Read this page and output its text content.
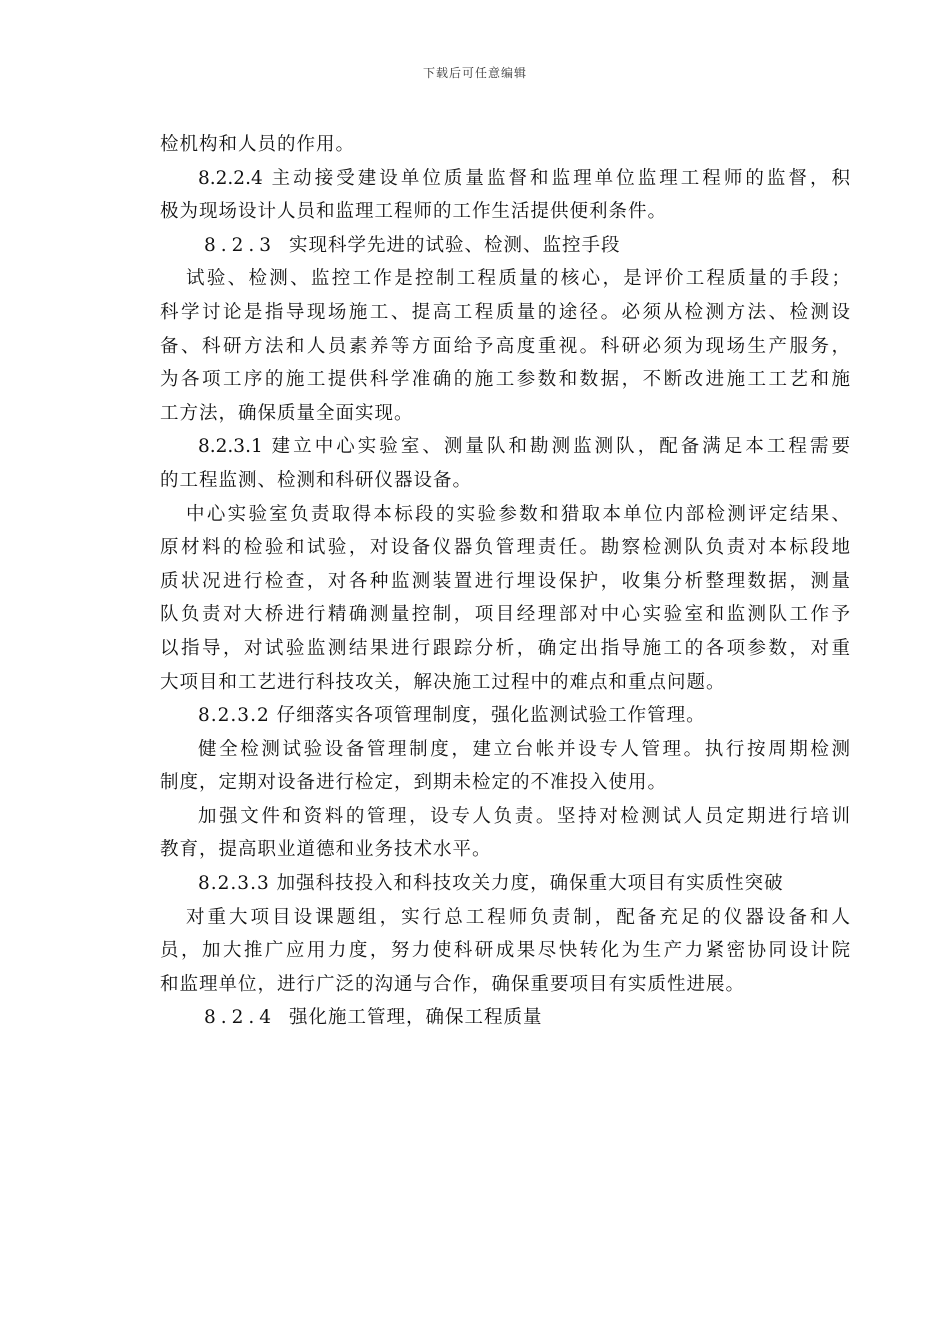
下载后可任意编辑
检机构和人员的作用。
8.2.2.4 主动接受建设单位质量监督和监理单位监理工程师的监督，积
极为现场设计人员和监理工程师的工作生活提供便利条件。
8.2.3 实现科学先进的试验、检测、监控手段
试验、检测、监控工作是控制工程质量的核心，是评价工程质量的手段；
科学讨论是指导现场施工、提高工程质量的途径。必须从检测方法、检测设
备、科研方法和人员素养等方面给予高度重视。科研必须为现场生产服务，
为各项工序的施工提供科学准确的施工参数和数据，不断改进施工工艺和施
工方法，确保质量全面实现。
8.2.3.1 建立中心实验室、测量队和勘测监测队，配备满足本工程需要
的工程监测、检测和科研仪器设备。
中心实验室负责取得本标段的实验参数和猎取本单位内部检测评定结果、
原材料的检验和试验，对设备仪器负管理责任。勘察检测队负责对本标段地
质状况进行检查，对各种监测装置进行埋设保护，收集分析整理数据，测量
队负责对大桥进行精确测量控制，项目经理部对中心实验室和监测队工作予
以指导，对试验监测结果进行跟踪分析，确定出指导施工的各项参数，对重
大项目和工艺进行科技攻关，解决施工过程中的难点和重点问题。
8.2.3.2 仔细落实各项管理制度，强化监测试验工作管理。
健全检测试验设备管理制度，建立台帐并设专人管理。执行按周期检测
制度，定期对设备进行检定，到期未检定的不准投入使用。
加强文件和资料的管理，设专人负责。坚持对检测试人员定期进行培训
教育，提高职业道德和业务技术水平。
8.2.3.3 加强科技投入和科技攻关力度，确保重大项目有实质性突破
对重大项目设课题组，实行总工程师负责制，配备充足的仪器设备和人
员，加大推广应用力度，努力使科研成果尽快转化为生产力紧密协同设计院
和监理单位，进行广泛的沟通与合作，确保重要项目有实质性进展。
8.2.4 强化施工管理，确保工程质量
